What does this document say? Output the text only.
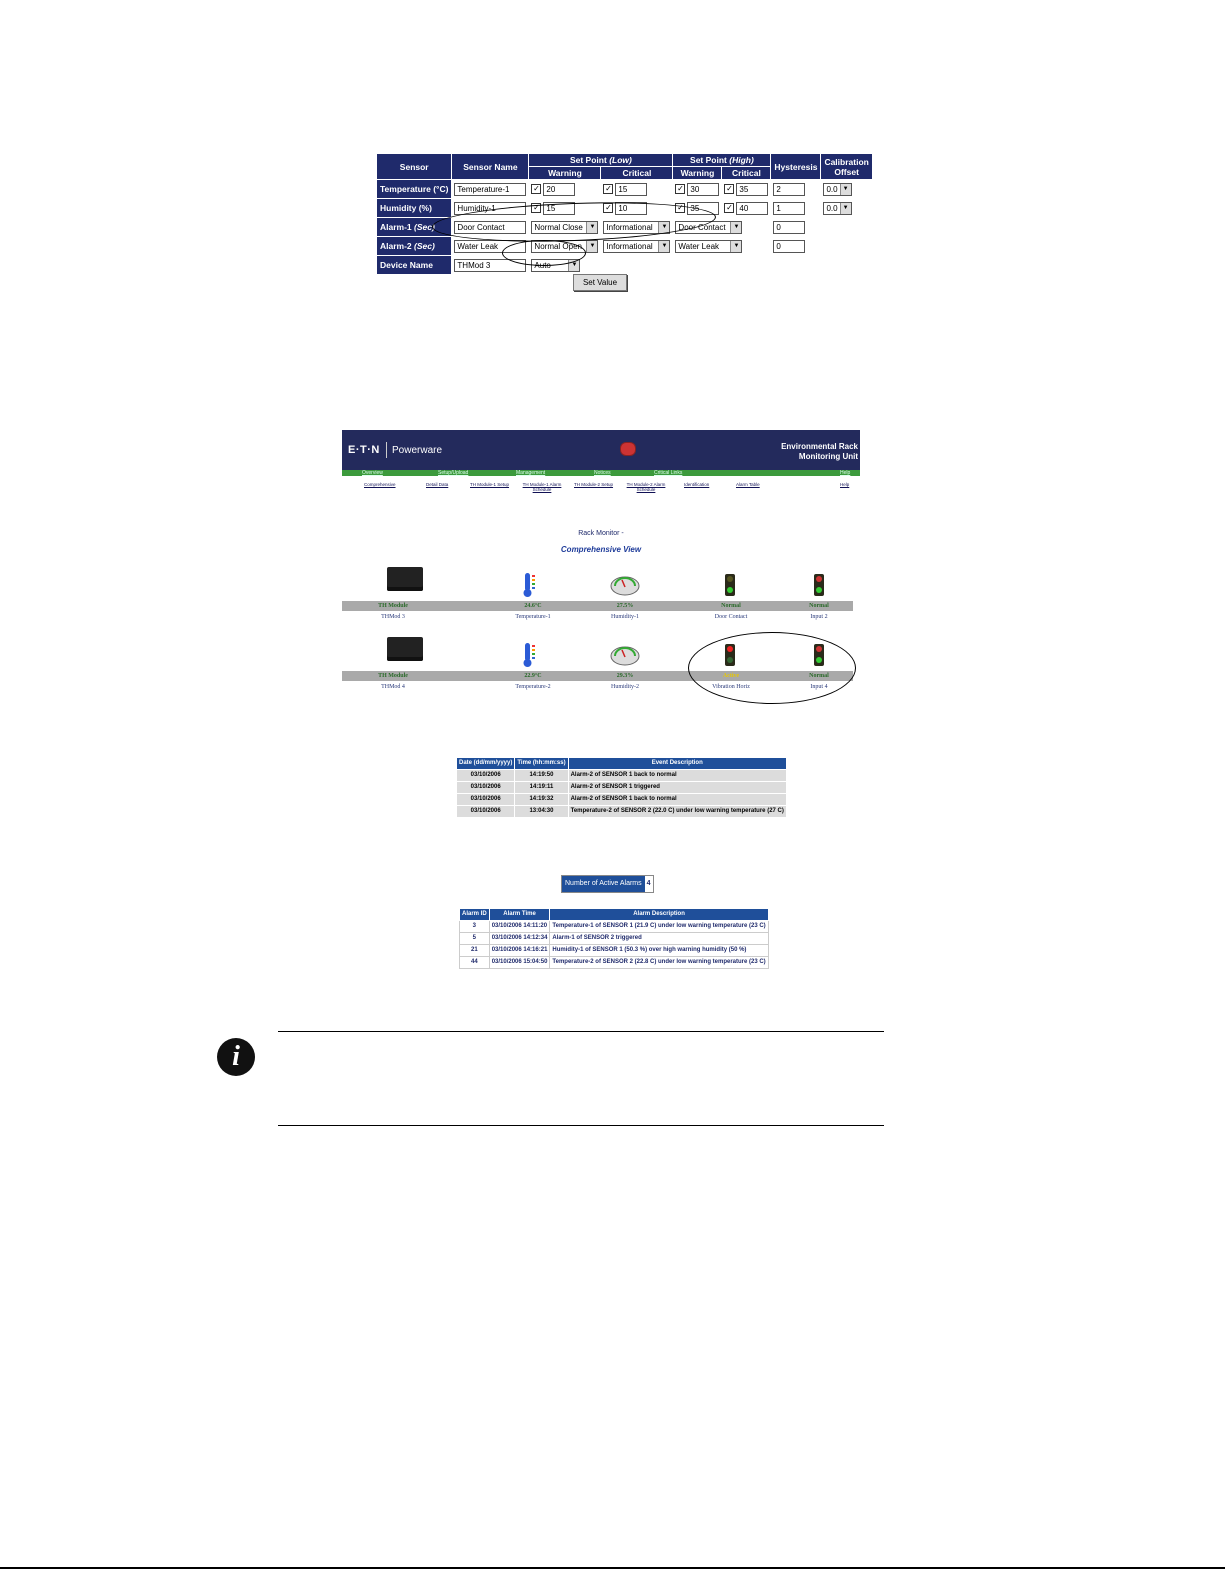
Sensor	Sensor Name	Set Point (Low)		Set Point (High)		Hysteresis	Calibration Offset
		Warning	Critical	Warning	Critical		
Temperature (°C)	Temperature-1	✓ 20	✓ 15	✓ 30	✓ 35	2	0.0 ▼

Humidity (%)	Humidity-1	✓ 15	✓ 10	✓ 35	✓ 40	1	0.0 ▼

Alarm-1 (Sec)	Door Contact	Normal Close ▼	Informational ▼	Door Contact ▼		0	
Alarm-2 (Sec)	Water Leak	Normal Open ▼	Informational ▼	Water Leak ▼		0	
Device Name	THMod 3	Auto ▼					

Set Value
E·T·N Powerware	Environmental Rack
Monitoring Unit
Overview	Setup/Upload	Management	Notices	Critical Links	Help
Comprehensive	Detail Data	TH Module-1 Setup	TH Module-1 Alarm Schedule
TH Module-2 Setup	TH Module-2 Alarm Schedule
Identification	Alarm Table	Help
Rack Monitor -
Comprehensive View
TH Module	24.6°C	27.5%	Normal	Normal
THMod 3	Temperature-1	Humidity-1	Door Contact	Input 2
TH Module	22.9°C	29.3%	Active	Normal
THMod 4	Temperature-2	Humidity-2	Vibration Horiz	Input 4
Date (dd/mm/yyyy)	Time (hh:mm:ss)	Event Description
03/10/2006	14:19:50	Alarm-2 of SENSOR 1 back to normal
03/10/2006	14:19:11	Alarm-2 of SENSOR 1 triggered
03/10/2006	14:19:32	Alarm-2 of SENSOR 1 back to normal
03/10/2006	13:04:30	Temperature-2 of SENSOR 2 (22.0 C) under low warning temperature (27 C)
Number of Active Alarms 4
Alarm ID	Alarm Time	Alarm Description
3	03/10/2006 14:11:20	Temperature-1 of SENSOR 1 (21.9 C) under low warning temperature (23 C)
5	03/10/2006 14:12:34	Alarm-1 of SENSOR 2 triggered
21	03/10/2006 14:16:21	Humidity-1 of SENSOR 1 (50.3 %) over high warning humidity (50 %)
44	03/10/2006 15:04:50	Temperature-2 of SENSOR 2 (22.8 C) under low warning temperature (23 C)
i
